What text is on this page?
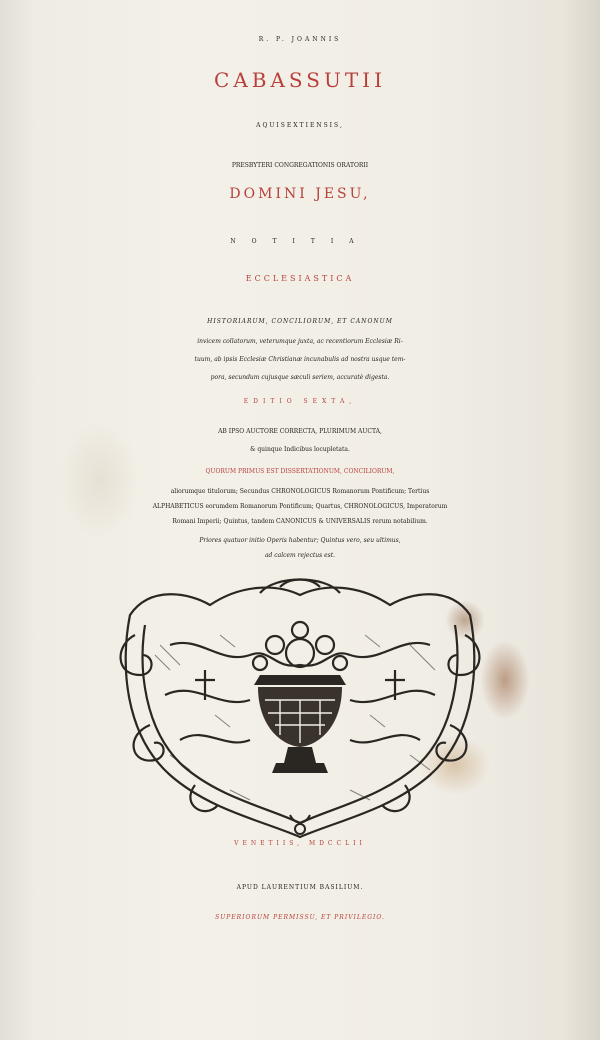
R. P. JOANNIS
CABASSUTII
AQUISEXTIENSIS,
PRESBYTERI CONGREGATIONIS ORATORII
DOMINI JESU,
NOTITIA
ECCLESIASTICA
HISTORIARUM, CONCILIORUM, ET CANONUM
invicem collatorum, veterumque juxta, ac recentiorum Ecclesiæ Ri-
tuum, ab ipsis Ecclesiæ Christianæ incunabulis ad nostra usque tem-
pora, secundum cujusque sæculi seriem, accuratè digesta.
EDITIO SEXTA,
AB IPSO AUCTORE CORRECTA, PLURIMUM AUCTA,
& quinque Indicibus locupletata.
QUORUM PRIMUS EST DISSERTATIONUM, CONCILIORUM,
aliorumque titulorum; Secundus CHRONOLOGICUS Romanorum Pontificum; Tertius
ALPHABETICUS eorumdem Romanorum Pontificum; Quartus, CHRONOLOGICUS, Imperatorum
Romani Imperii; Quintus, tandem CANONICUS & UNIVERSALIS rerum notabilium.
Priores quatuor initio Operis habentur; Quintus vero, seu ultimus,
ad calcem rejectus est.
VENETIIS, MDCCLII
APUD LAURENTIUM BASILIUM.
SUPERIORUM PERMISSU, ET PRIVILEGIO.
